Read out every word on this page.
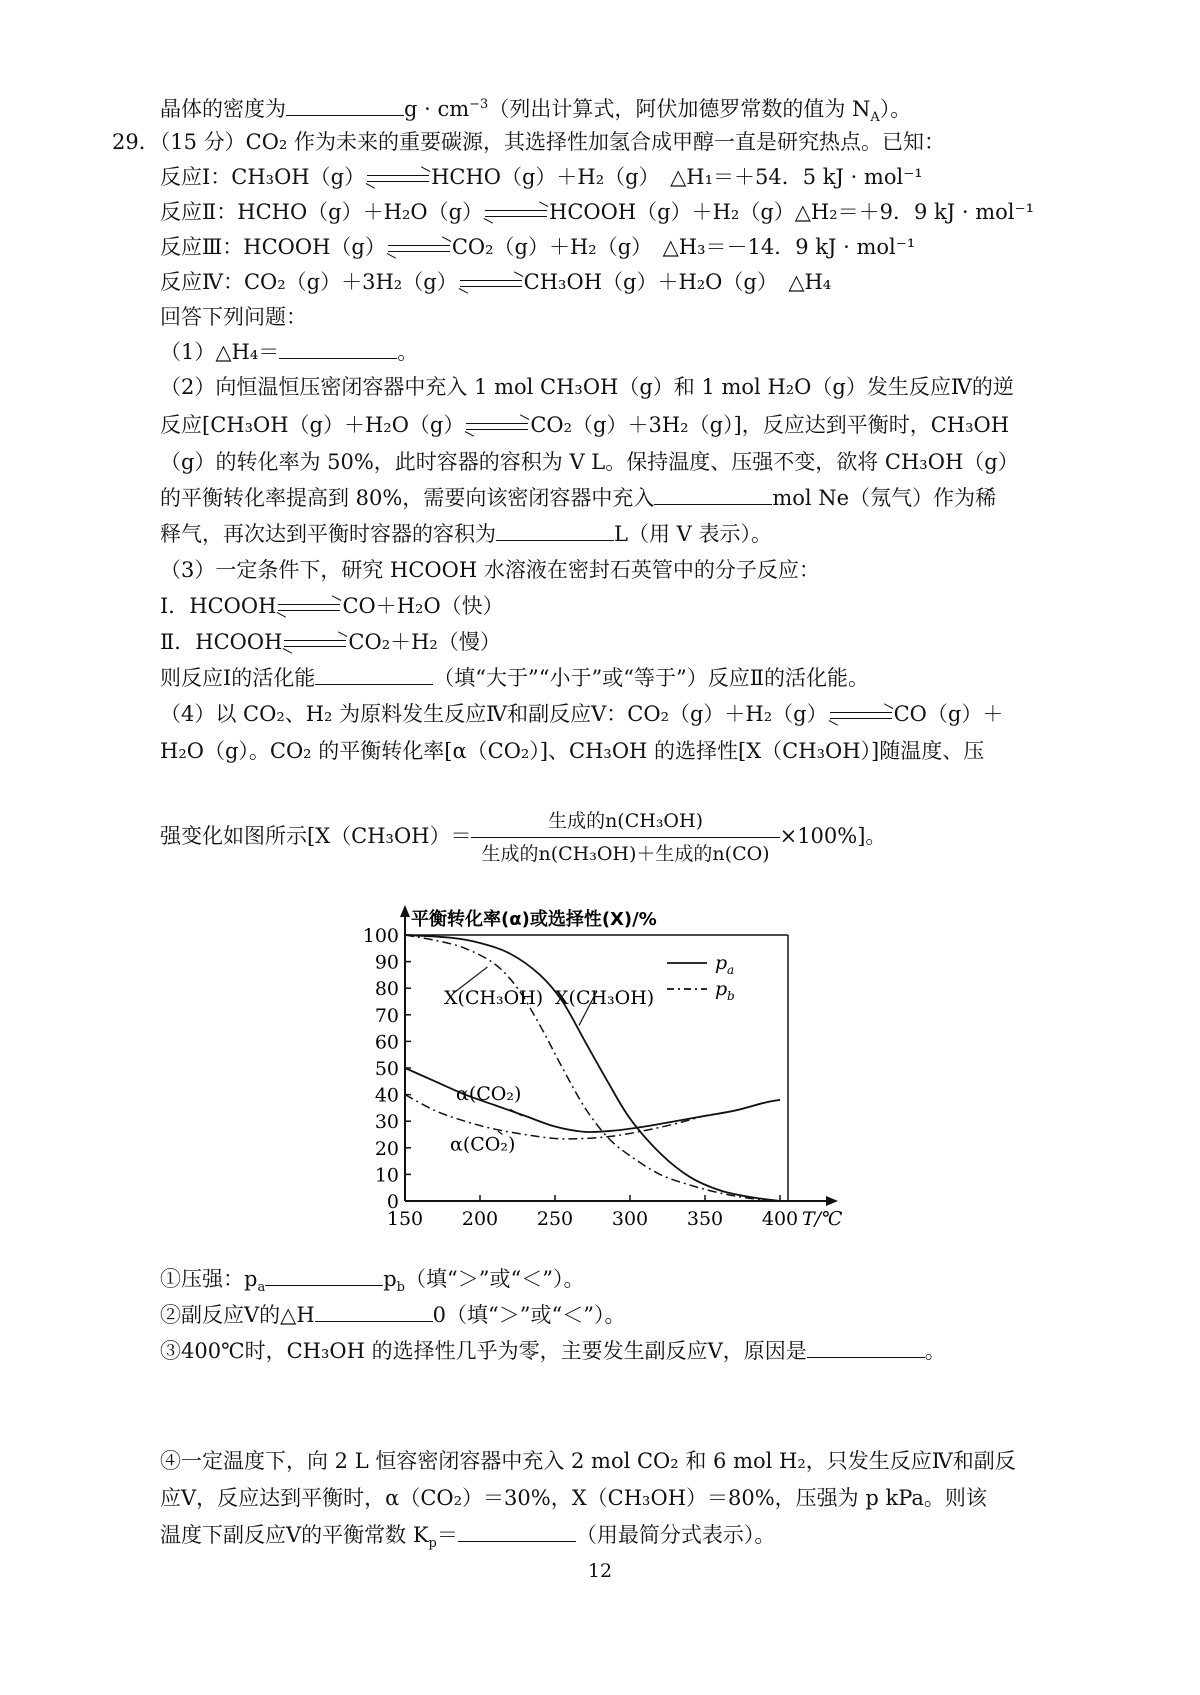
晶体的密度为	$g \cdot cm^{-3}$（列出计算式，阿伏加德罗常数的值为 $N_A$）。
29．（15 分）CO₂ 作为未来的重要碳源，其选择性加氢合成甲醇一直是研究热点。已知：
反应Ⅰ：CH₃OH（g）	HCHO（g）＋H₂（g）　△H₁＝＋54．5 kJ · mol⁻¹
反应Ⅱ：HCHO（g）＋H₂O（g）	HCOOH（g）＋H₂（g）△H₂＝＋9．9 kJ · mol⁻¹
反应Ⅲ：HCOOH（g）	CO₂（g）＋H₂（g）　△H₃＝－14．9 kJ · mol⁻¹
反应Ⅳ：CO₂（g）＋3H₂（g）	CH₃OH（g）＋H₂O（g）　△H₄
回答下列问题：
（1）△H₄＝	。
（2）向恒温恒压密闭容器中充入 1 mol CH₃OH（g）和 1 mol H₂O（g）发生反应Ⅳ的逆
反应[CH₃OH（g）＋H₂O（g）	CO₂（g）＋3H₂（g）]，反应达到平衡时，CH₃OH
（g）的转化率为 50%，此时容器的容积为 V L。保持温度、压强不变，欲将 CH₃OH（g）
的平衡转化率提高到 80%，需要向该密闭容器中充入	mol Ne（氖气）作为稀
释气，再次达到平衡时容器的容积为	L（用 V 表示）。
（3）一定条件下，研究 HCOOH 水溶液在密封石英管中的分子反应：
Ⅰ．HCOOH	CO＋H₂O（快）
Ⅱ．HCOOH	CO₂＋H₂（慢）
则反应Ⅰ的活化能	（填“大于”“小于”或“等于”）反应Ⅱ的活化能。
（4）以 CO₂、H₂ 为原料发生反应Ⅳ和副反应Ⅴ：CO₂（g）＋H₂（g）	CO（g）＋
H₂O（g）。CO₂ 的平衡转化率[α（CO₂）]、CH₃OH 的选择性[X（CH₃OH）]随温度、压
强变化如图所示$[X(CH_3OH)= \frac{\text{生成的n(CH₃OH)}}{\text{生成的n(CH₃OH)＋生成的n(CO)}} \times 100\%]$。
0
10
20
30
40
50
60
70
80
90
100
150 200 250 300 350 400 T/℃
平衡转化率(α)或选择性(X)/%
p a
p b
X(CH₃OH) X(CH₃OH)
α(CO₂)
α(CO₂)
①压强：$p_a$	$p_b$（填“＞”或“＜”）。
②副反应Ⅴ的△H	0（填“＞”或“＜”）。
③400℃时，CH₃OH 的选择性几乎为零，主要发生副反应Ⅴ，原因是	。
④一定温度下，向 2 L 恒容密闭容器中充入 2 mol CO₂ 和 6 mol H₂，只发生反应Ⅳ和副反
应Ⅴ，反应达到平衡时，α（CO₂）＝30%，X（CH₃OH）＝80%，压强为 p kPa。则该
温度下副反应Ⅴ的平衡常数 $K_p=$	（用最简分式表示）。
12
